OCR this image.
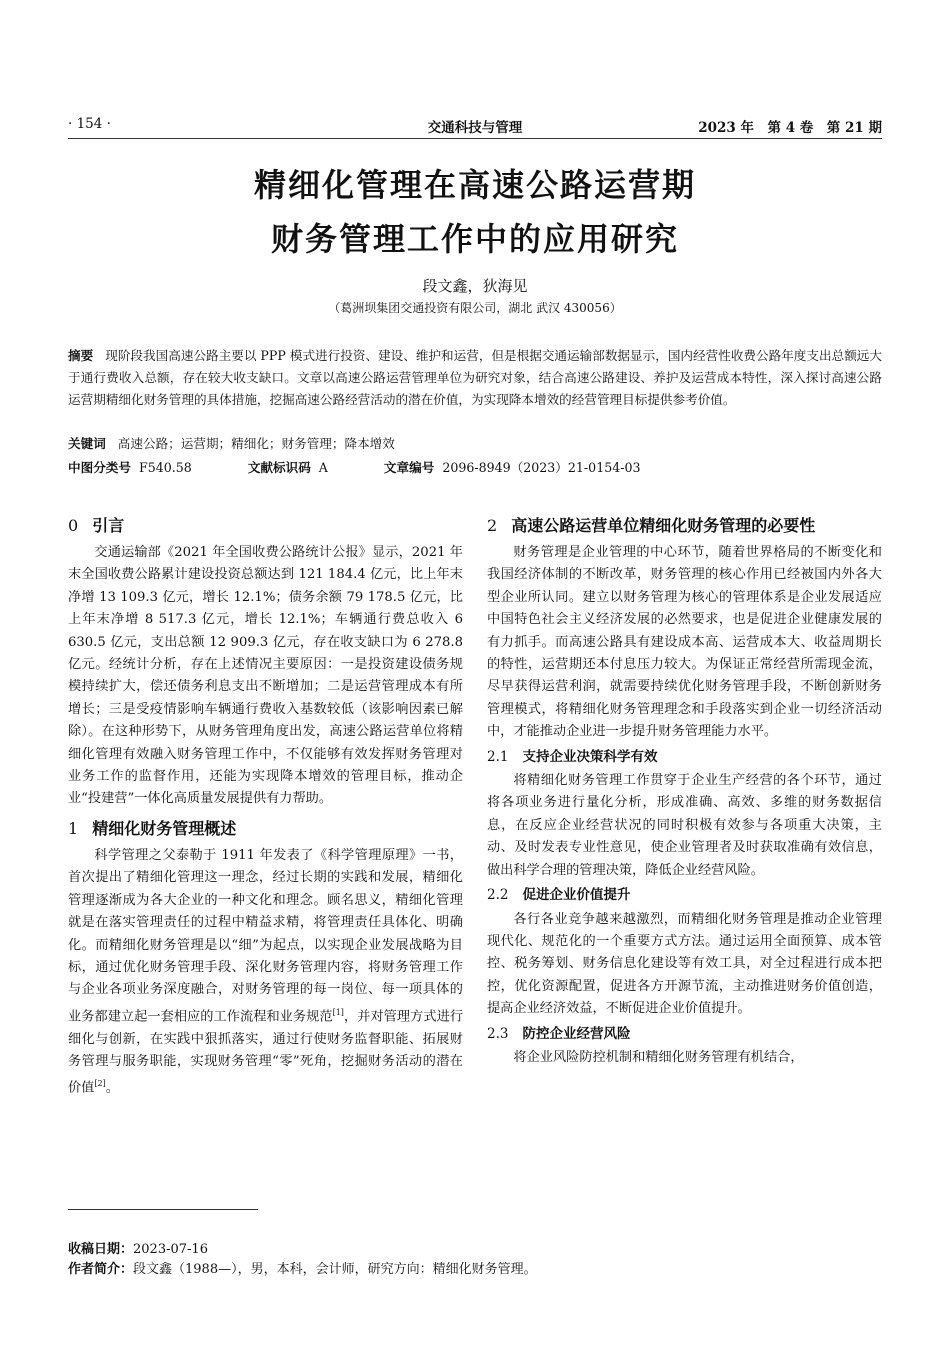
· 154 ·	交通科技与管理	2023 年　第 4 卷　第 21 期
精细化管理在高速公路运营期
财务管理工作中的应用研究
段文鑫，狄海见
（葛洲坝集团交通投资有限公司，湖北 武汉 430056）
摘要 现阶段我国高速公路主要以 PPP 模式进行投资、建设、维护和运营，但是根据交通运输部数据显示，国内经营性收费公路年度支出总额远大于通行费收入总额，存在较大收支缺口。文章以高速公路运营管理单位为研究对象，结合高速公路建设、养护及运营成本特性，深入探讨高速公路运营期精细化财务管理的具体措施，挖掘高速公路经营活动的潜在价值，为实现降本增效的经营管理目标提供参考价值。
关键词 高速公路；运营期；精细化；财务管理；降本增效
中图分类号 F540.58	文献标识码 A	文章编号 2096-8949（2023）21-0154-03
0 引言

交通运输部《2021 年全国收费公路统计公报》显示，2021 年末全国收费公路累计建设投资总额达到 121 184.4 亿元，比上年末净增 13 109.3 亿元，增长 12.1%；债务余额 79 178.5 亿元，比上年末净增 8 517.3 亿元，增长 12.1%；车辆通行费总收入 6 630.5 亿元，支出总额 12 909.3 亿元，存在收支缺口为 6 278.8 亿元。经统计分析，存在上述情况主要原因：一是投资建设债务规模持续扩大，偿还债务利息支出不断增加；二是运营管理成本有所增长；三是受疫情影响车辆通行费收入基数较低（该影响因素已解除）。在这种形势下，从财务管理角度出发，高速公路运营单位将精细化管理有效融入财务管理工作中，不仅能够有效发挥财务管理对业务工作的监督作用，还能为实现降本增效的管理目标，推动企业“投建营”一体化高质量发展提供有力帮助。

1 精细化财务管理概述

科学管理之父泰勒于 1911 年发表了《科学管理原理》一书，首次提出了精细化管理这一理念，经过长期的实践和发展，精细化管理逐渐成为各大企业的一种文化和理念。顾名思义，精细化管理就是在落实管理责任的过程中精益求精，将管理责任具体化、明确化。而精细化财务管理是以“细”为起点，以实现企业发展战略为目标，通过优化财务管理手段、深化财务管理内容，将财务管理工作与企业各项业务深度融合，对财务管理的每一岗位、每一项具体的业务都建立起一套相应的工作流程和业务规范[1]，并对管理方式进行细化与创新，在实践中狠抓落实，通过行使财务监督职能、拓展财务管理与服务职能，实现财务管理“零”死角，挖掘财务活动的潜在价值[2]。

2 高速公路运营单位精细化财务管理的必要性

财务管理是企业管理的中心环节，随着世界格局的不断变化和我国经济体制的不断改革，财务管理的核心作用已经被国内外各大型企业所认同。建立以财务管理为核心的管理体系是企业发展适应中国特色社会主义经济发展的必然要求，也是促进企业健康发展的有力抓手。而高速公路具有建设成本高、运营成本大、收益周期长的特性，运营期还本付息压力较大。为保证正常经营所需现金流，尽早获得运营利润，就需要持续优化财务管理手段，不断创新财务管理模式，将精细化财务管理理念和手段落实到企业一切经济活动中，才能推动企业进一步提升财务管理能力水平。

2.1 支持企业决策科学有效

将精细化财务管理工作贯穿于企业生产经营的各个环节，通过将各项业务进行量化分析，形成准确、高效、多维的财务数据信息，在反应企业经营状况的同时积极有效参与各项重大决策，主动、及时发表专业性意见，使企业管理者及时获取准确有效信息，做出科学合理的管理决策，降低企业经营风险。

2.2 促进企业价值提升

各行各业竞争越来越激烈，而精细化财务管理是推动企业管理现代化、规范化的一个重要方式方法。通过运用全面预算、成本管控、税务筹划、财务信息化建设等有效工具，对全过程进行成本把控，优化资源配置，促进各方开源节流，主动推进财务价值创造，提高企业经济效益，不断促进企业价值提升。

2.3 防控企业经营风险

将企业风险防控机制和精细化财务管理有机结合，

收稿日期：2023-07-16
作者简介：段文鑫（1988—），男，本科，会计师，研究方向：精细化财务管理。
